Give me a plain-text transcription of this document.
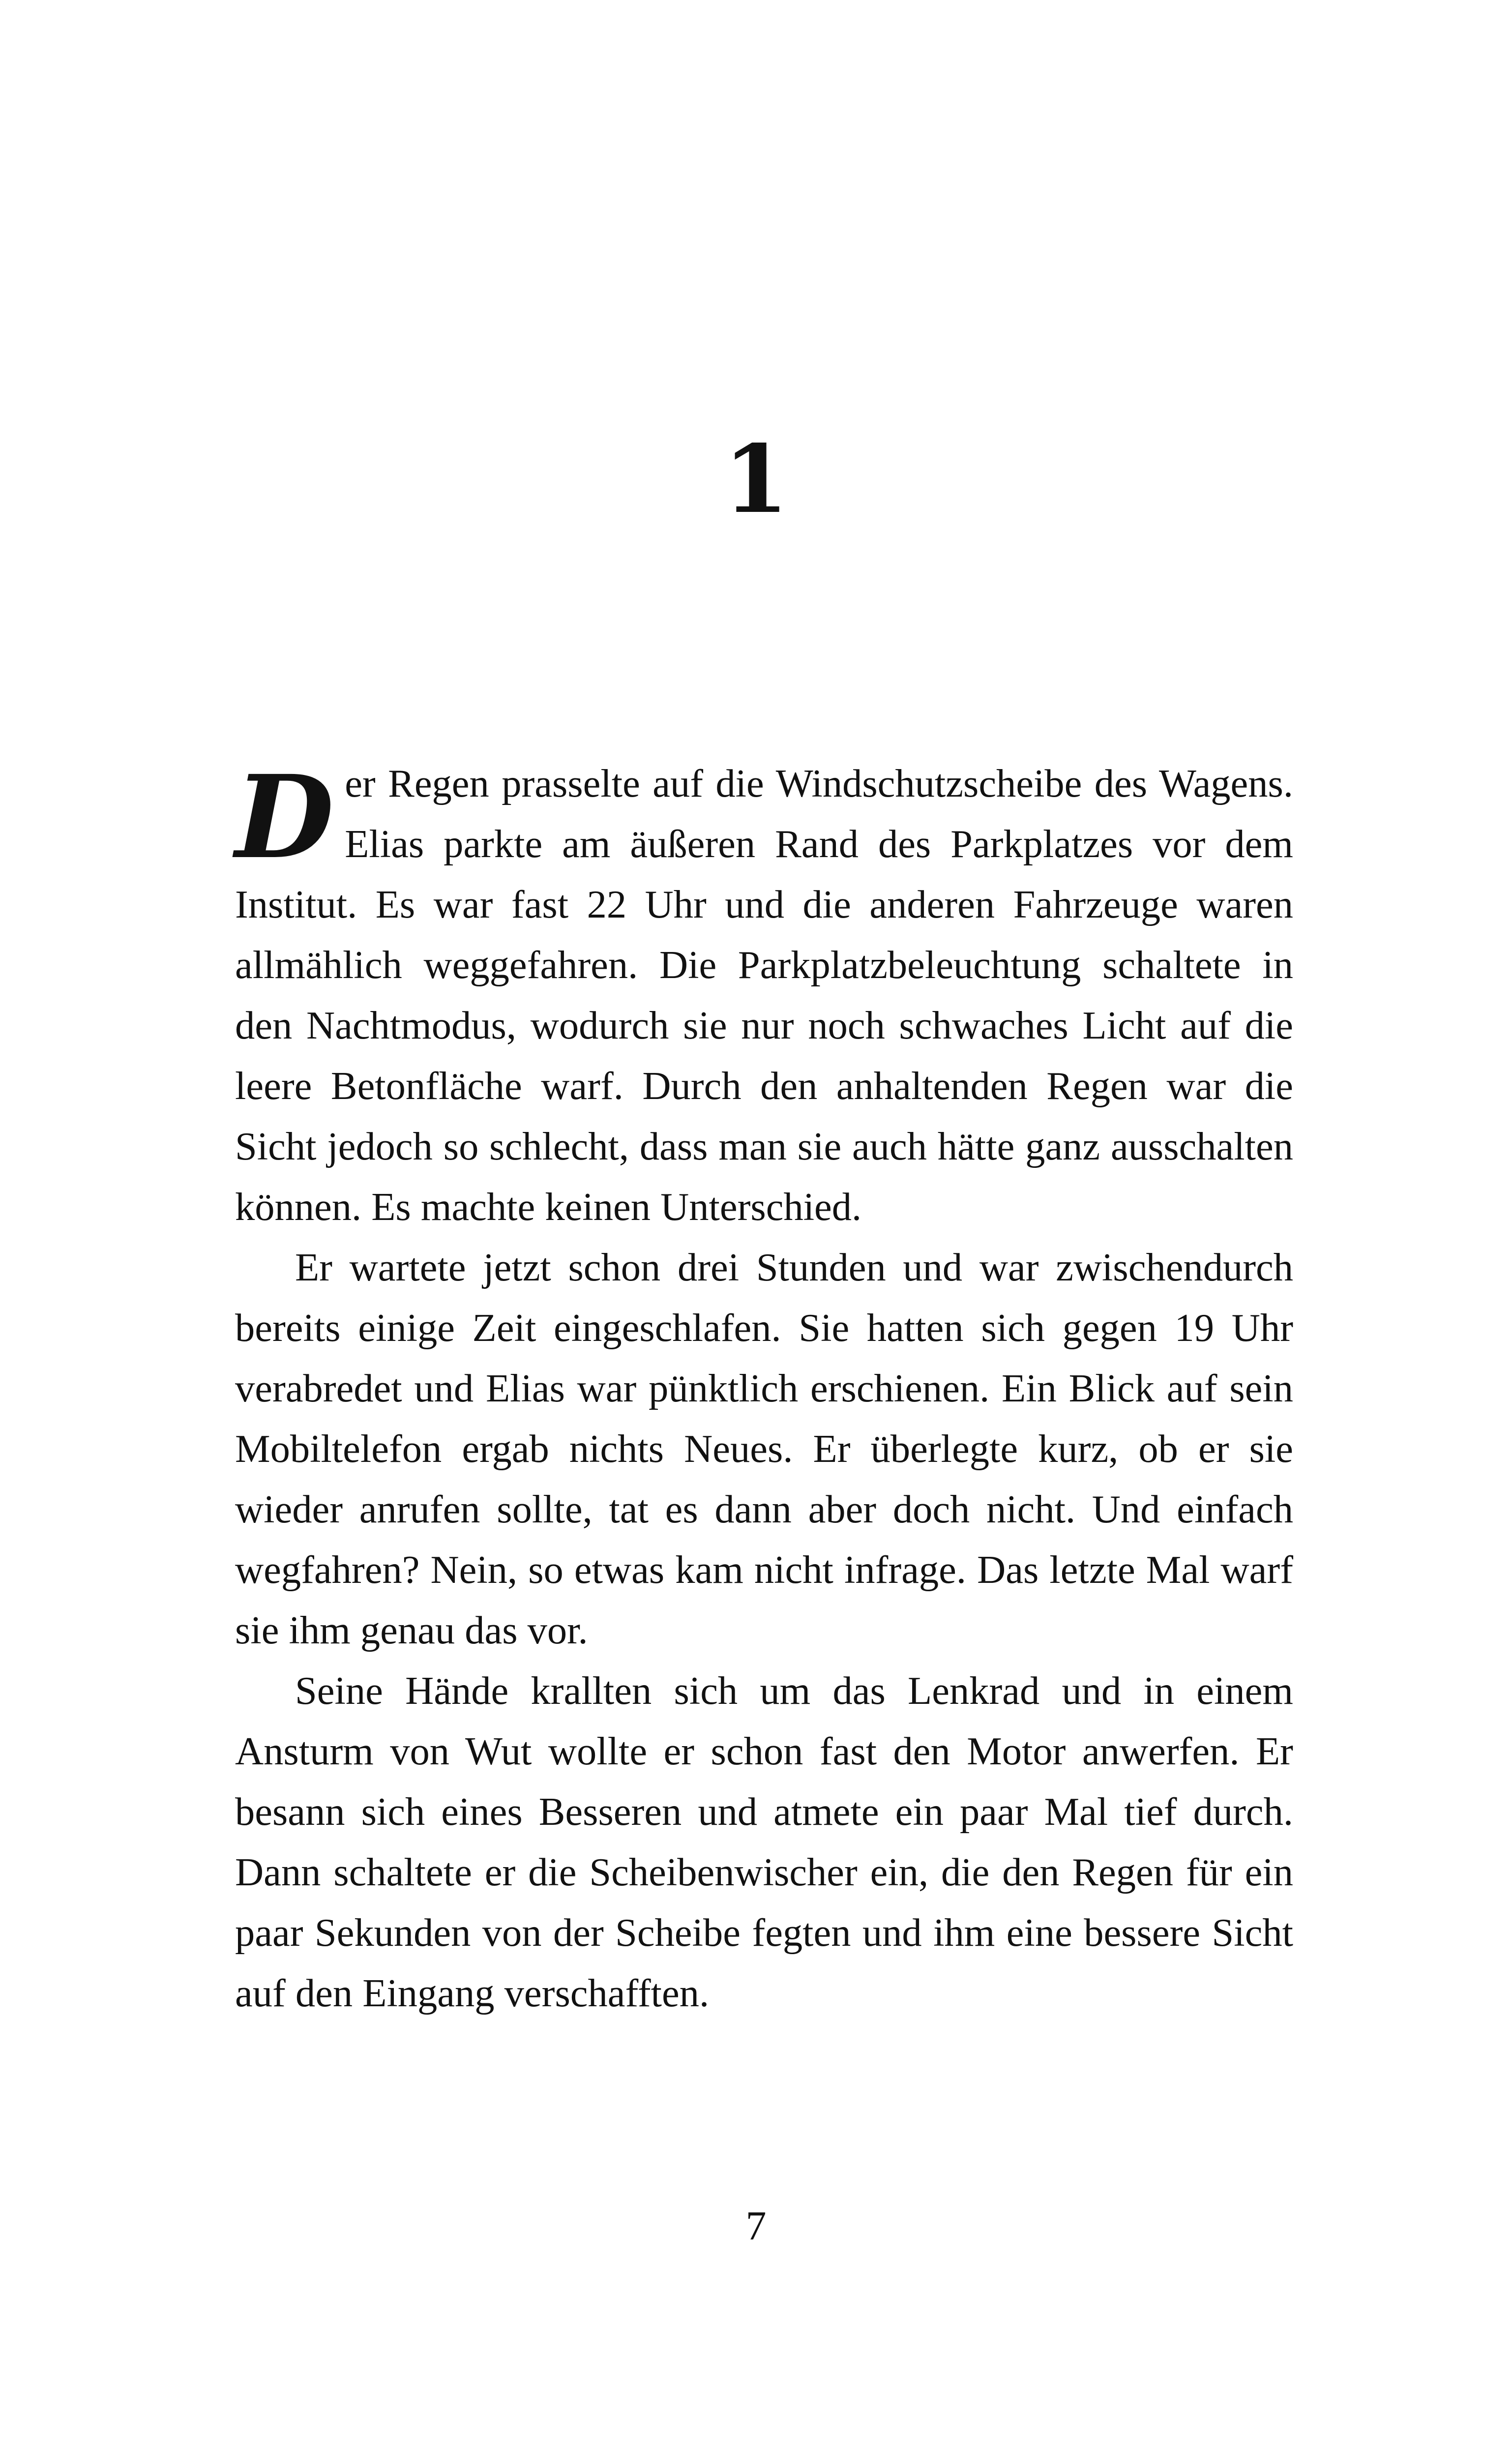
1

Der Regen prasselte auf die Windschutzscheibe des Wagens. Elias parkte am äußeren Rand des Parkplatzes vor dem Institut. Es war fast 22 Uhr und die anderen Fahrzeuge waren allmählich weggefahren. Die Parkplatzbeleuchtung schaltete in den Nachtmodus, wodurch sie nur noch schwaches Licht auf die leere Betonfläche warf. Durch den anhaltenden Regen war die Sicht jedoch so schlecht, dass man sie auch hätte ganz ausschalten können. Es machte keinen Unterschied.

Er wartete jetzt schon drei Stunden und war zwischendurch bereits einige Zeit eingeschlafen. Sie hatten sich gegen 19 Uhr verabredet und Elias war pünktlich erschienen. Ein Blick auf sein Mobiltelefon ergab nichts Neues. Er überlegte kurz, ob er sie wieder anrufen sollte, tat es dann aber doch nicht. Und einfach wegfahren? Nein, so etwas kam nicht infrage. Das letzte Mal warf sie ihm genau das vor.

Seine Hände krallten sich um das Lenkrad und in einem Ansturm von Wut wollte er schon fast den Motor anwerfen. Er besann sich eines Besseren und atmete ein paar Mal tief durch. Dann schaltete er die Scheibenwischer ein, die den Regen für ein paar Sekunden von der Scheibe fegten und ihm eine bessere Sicht auf den Eingang verschafften.

7
